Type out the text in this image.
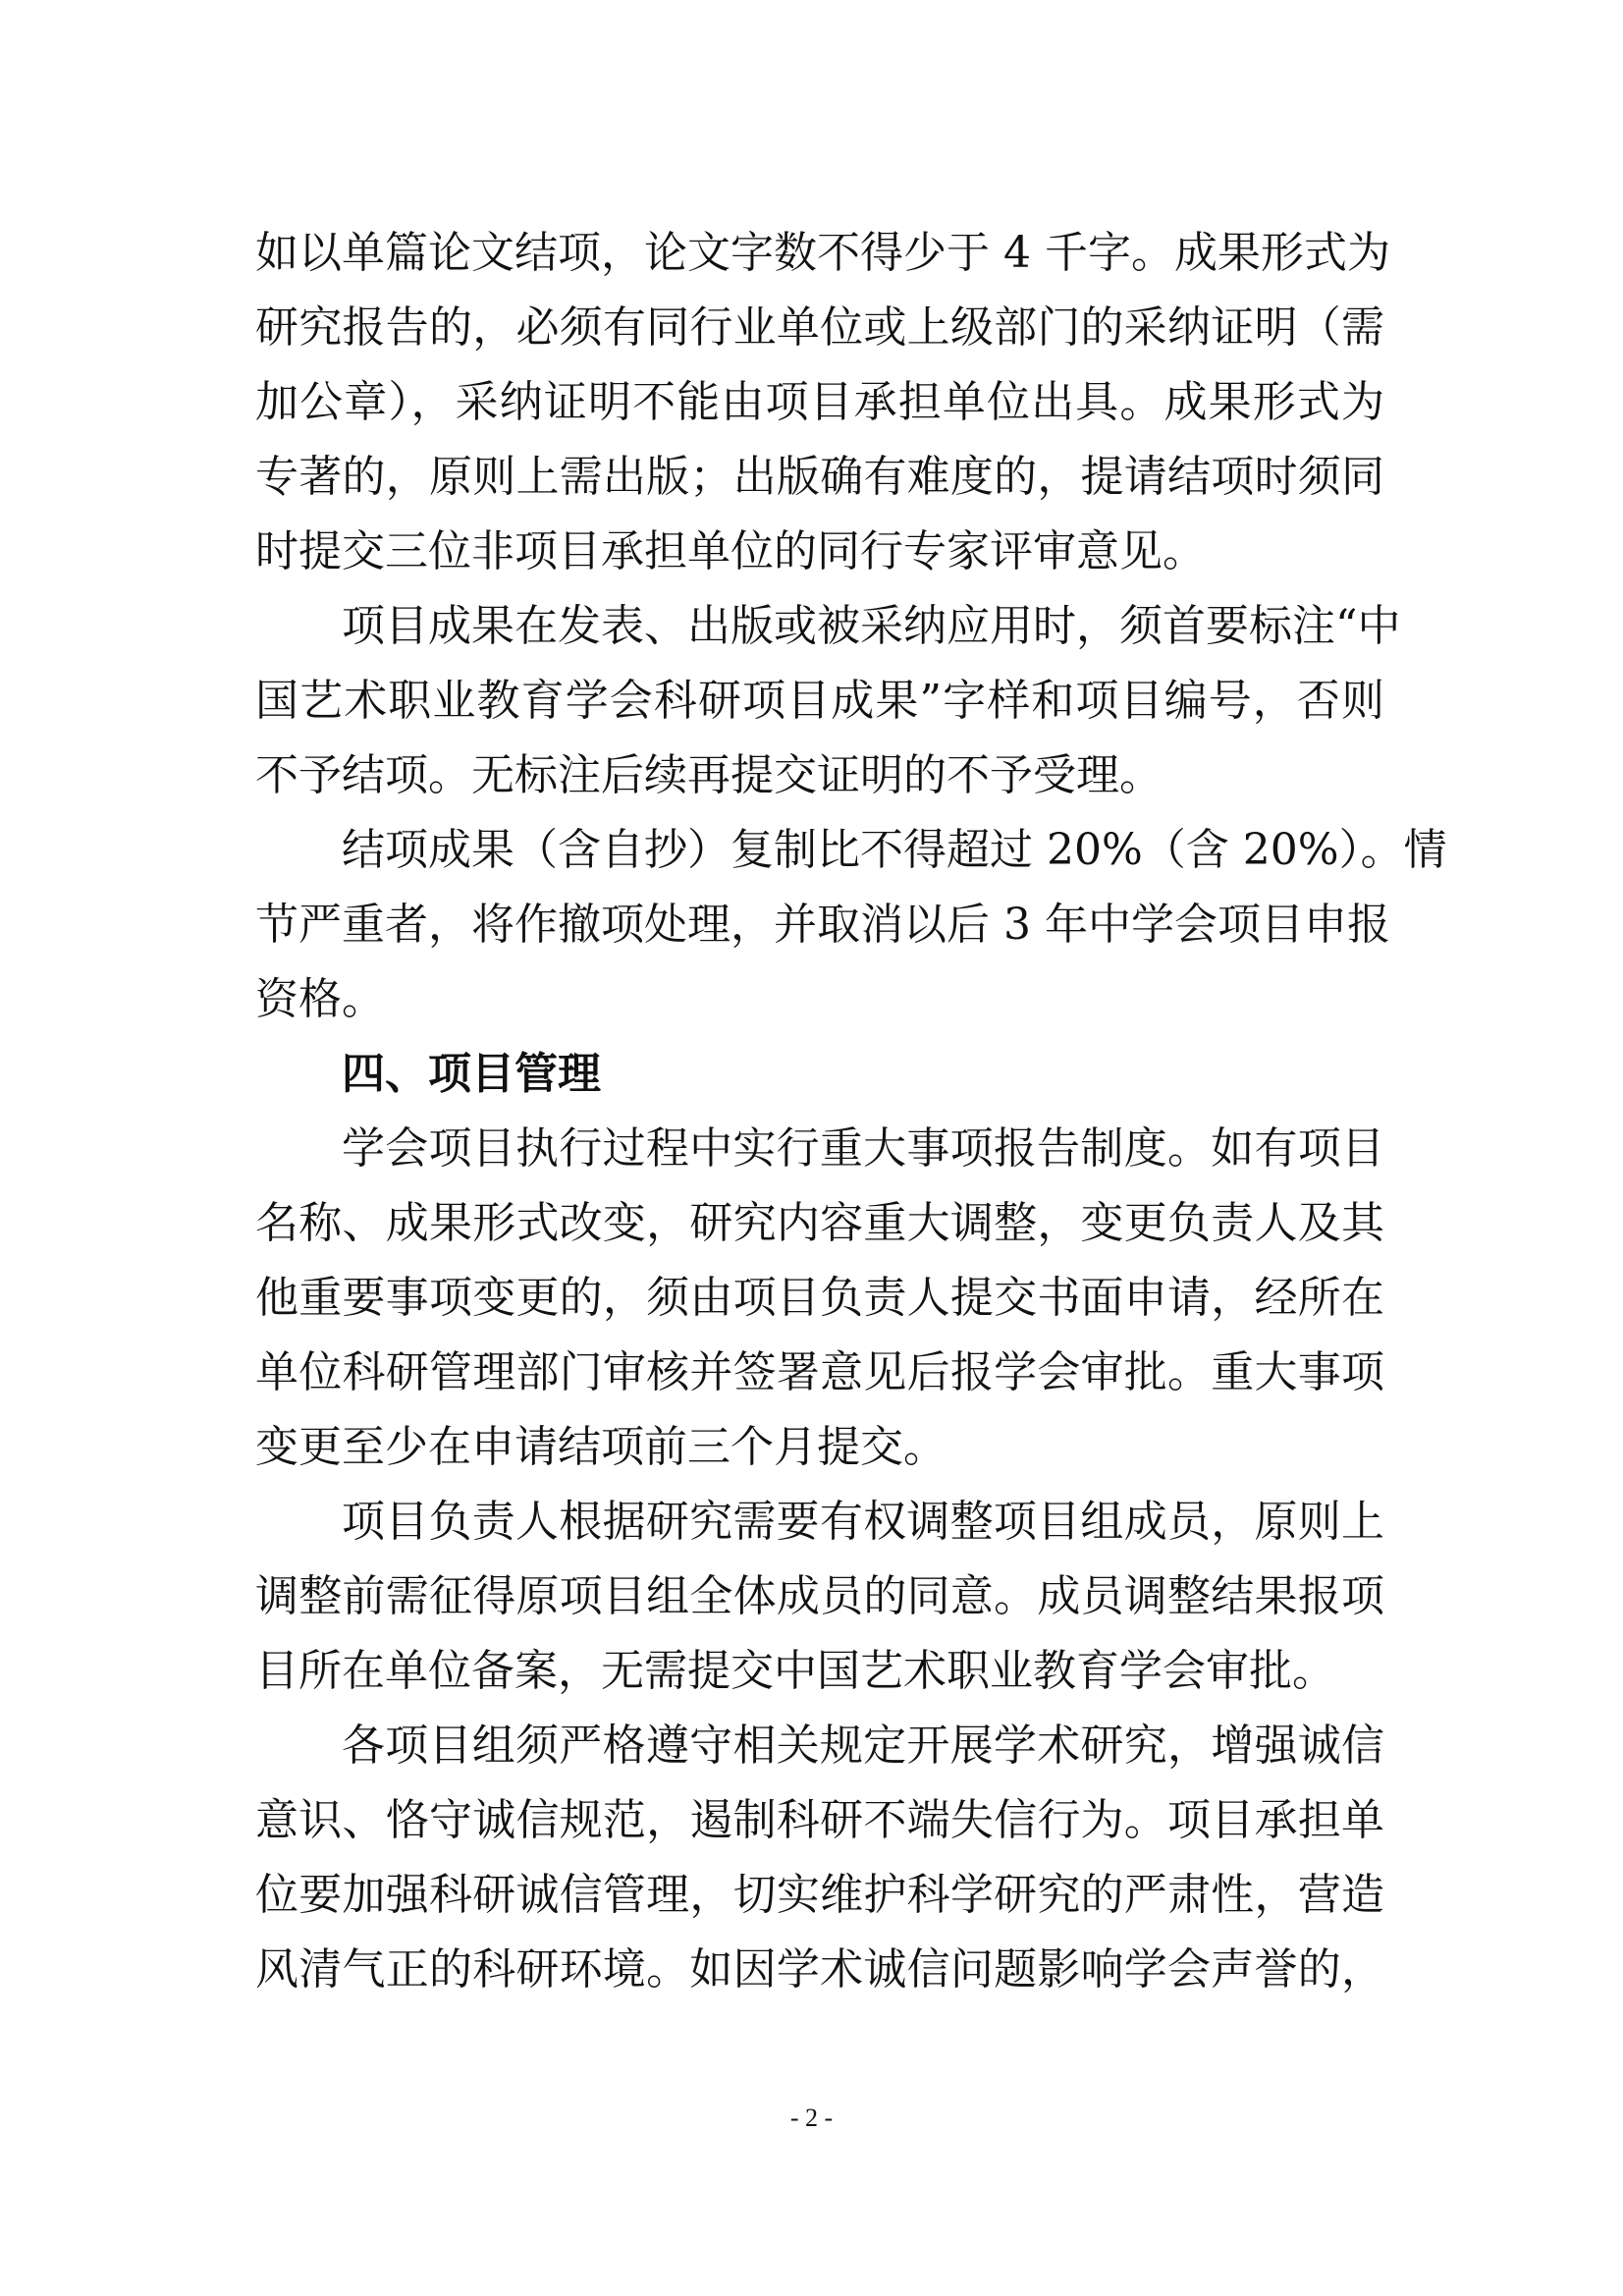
如以单篇论文结项，论文字数不得少于 4 千字。成果形式为
研究报告的，必须有同行业单位或上级部门的采纳证明（需
加公章），采纳证明不能由项目承担单位出具。成果形式为
专著的，原则上需出版；出版确有难度的，提请结项时须同
时提交三位非项目承担单位的同行专家评审意见。
项目成果在发表、出版或被采纳应用时，须首要标注“中
国艺术职业教育学会科研项目成果”字样和项目编号，否则
不予结项。无标注后续再提交证明的不予受理。
结项成果（含自抄）复制比不得超过 20%（含 20%）。情
节严重者，将作撤项处理，并取消以后 3 年中学会项目申报
资格。
四、项目管理
学会项目执行过程中实行重大事项报告制度。如有项目
名称、成果形式改变，研究内容重大调整，变更负责人及其
他重要事项变更的，须由项目负责人提交书面申请，经所在
单位科研管理部门审核并签署意见后报学会审批。重大事项
变更至少在申请结项前三个月提交。
项目负责人根据研究需要有权调整项目组成员，原则上
调整前需征得原项目组全体成员的同意。成员调整结果报项
目所在单位备案，无需提交中国艺术职业教育学会审批。
各项目组须严格遵守相关规定开展学术研究，增强诚信
意识、恪守诚信规范，遏制科研不端失信行为。项目承担单
位要加强科研诚信管理，切实维护科学研究的严肃性，营造
风清气正的科研环境。如因学术诚信问题影响学会声誉的，
- 2 -
